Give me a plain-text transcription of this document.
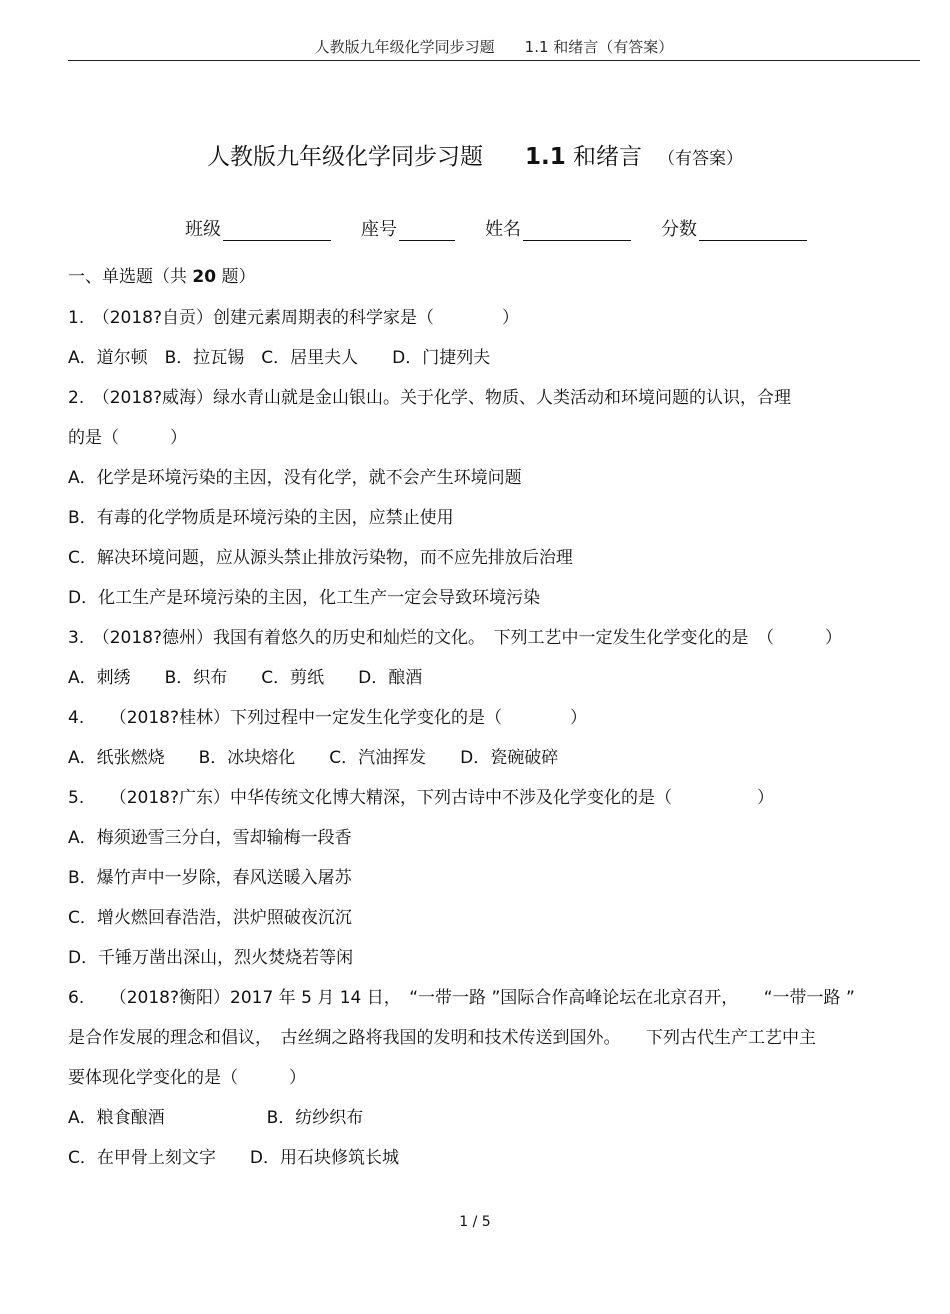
人教版九年级化学同步习题　　1.1 和绪言（有答案）
人教版九年级化学同步习题 1.1 和绪言 （有答案）
班级	座号	姓名	分数
一、单选题（共 20 题）
1.　（2018?自贡）创建元素周期表的科学家是（　　　　）
A．道尔顿　B．拉瓦锡　C．居里夫人　　D．门捷列夫
2.　（2018?威海）绿水青山就是金山银山。关于化学、物质、人类活动和环境问题的认识，合理
的是（　　　）
A．化学是环境污染的主因，没有化学，就不会产生环境问题
B．有毒的化学物质是环境污染的主因，应禁止使用
C．解决环境问题，应从源头禁止排放污染物，而不应先排放后治理
D．化工生产是环境污染的主因，化工生产一定会导致环境污染
3.　（2018?德州）我国有着悠久的历史和灿烂的文化。　下列工艺中一定发生化学变化的是　（　　　）
A．刺绣　　B．织布　　C．剪纸　　D．酿酒
4.　　（2018?桂林）下列过程中一定发生化学变化的是（　　　　）
A．纸张燃烧　　B．冰块熔化　　C．汽油挥发　　D．瓷碗破碎
5.　　（2018?广东）中华传统文化博大精深，下列古诗中不涉及化学变化的是（　　　　　）
A．梅须逊雪三分白，雪却输梅一段香
B．爆竹声中一岁除，春风送暖入屠苏
C．增火燃回春浩浩，洪炉照破夜沉沉
D．千锤万凿出深山，烈火焚烧若等闲
6.　　（2018?衡阳）2017 年 5 月 14 日，　“一带一路 ”国际合作高峰论坛在北京召开，　　“一带一路 ”
是合作发展的理念和倡议，　古丝绸之路将我国的发明和技术传送到国外。　　下列古代生产工艺中主
要体现化学变化的是（　　　）
A．粮食酿酒　　　　　　B．纺纱织布
C．在甲骨上刻文字　　D．用石块修筑长城
1 / 5
